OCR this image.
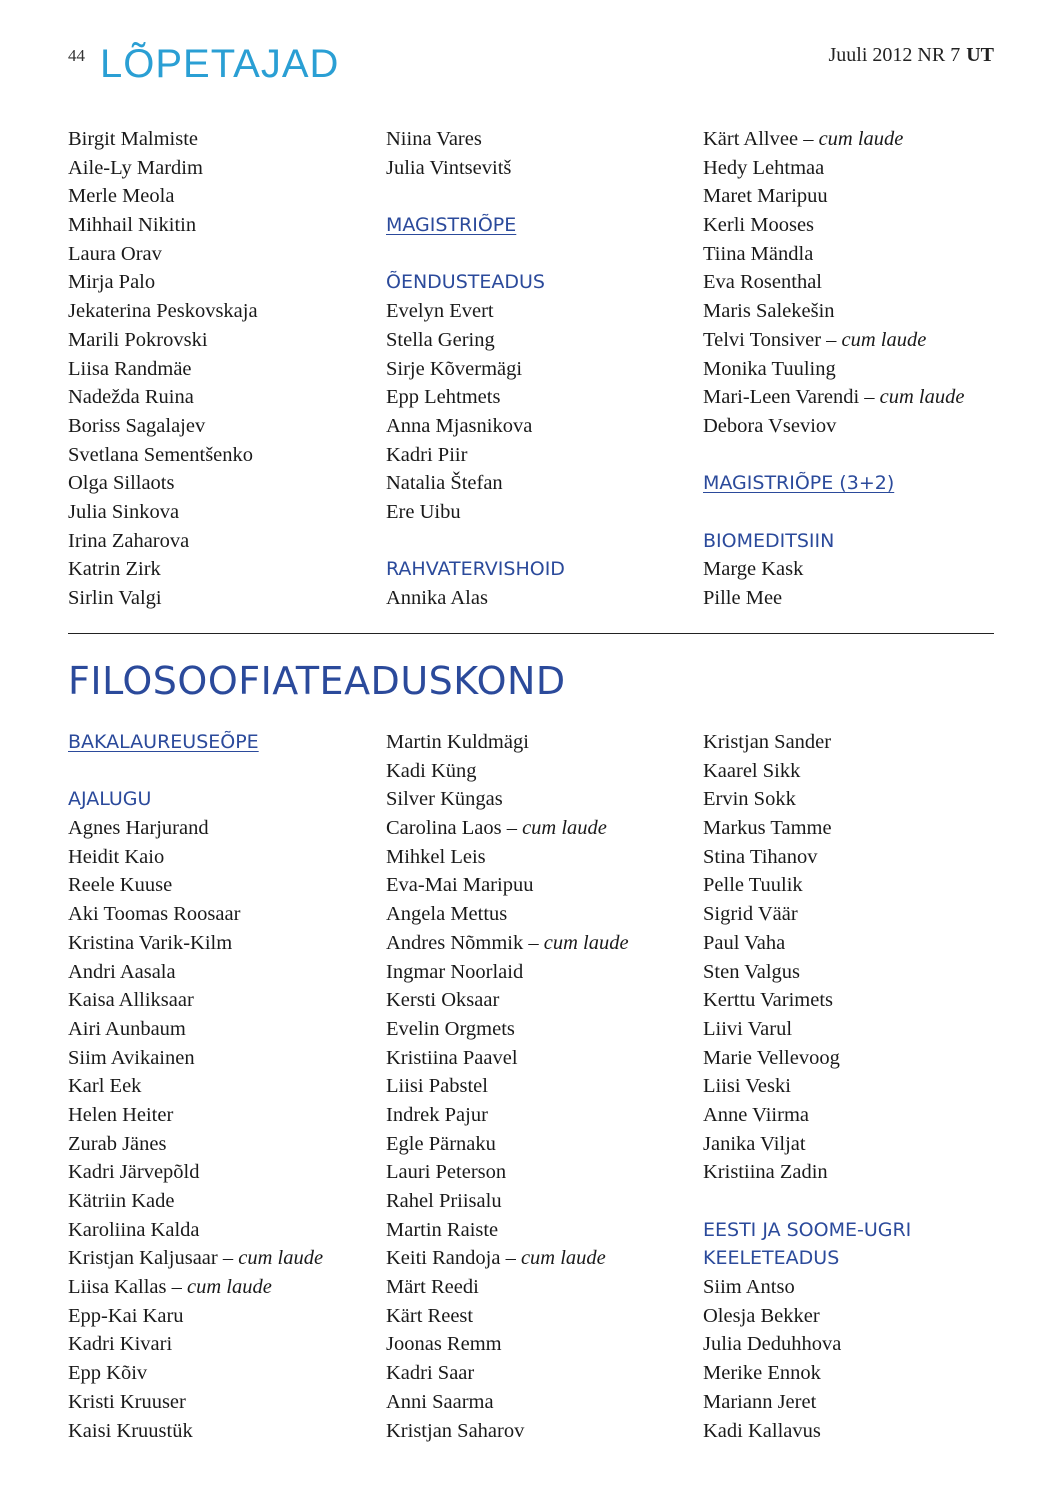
44 LÕPETAJAD	Juuli 2012 NR 7 UT
Birgit Malmiste
Aile-Ly Mardim
Merle Meola
Mihhail Nikitin
Laura Orav
Mirja Palo
Jekaterina Peskovskaja
Marili Pokrovski
Liisa Randmäe
Nadežda Ruina
Boriss Sagalajev
Svetlana Sementšenko
Olga Sillaots
Julia Sinkova
Irina Zaharova
Katrin Zirk
Sirlin Valgi
Niina Vares
Julia Vintsevitš
MAGISTRIÕPE
ÕENDUSTEADUS
Evelyn Evert
Stella Gering
Sirje Kõvermägi
Epp Lehtmets
Anna Mjasnikova
Kadri Piir
Natalia Štefan
Ere Uibu
RAHVATERVISHOID
Annika Alas
Kärt Allvee – cum laude
Hedy Lehtmaa
Maret Maripuu
Kerli Mooses
Tiina Mändla
Eva Rosenthal
Maris Salekešin
Telvi Tonsiver – cum laude
Monika Tuuling
Mari-Leen Varendi – cum laude
Debora Vseviov
MAGISTRIÕPE (3+2)
BIOMEDITSIIN
Marge Kask
Pille Mee
FILOSOOFIATEADUSKOND
BAKALAUREUSEÕPE
AJALUGU
Agnes Harjurand
Heidit Kaio
Reele Kuuse
Aki Toomas Roosaar
Kristina Varik-Kilm
Andri Aasala
Kaisa Alliksaar
Airi Aunbaum
Siim Avikainen
Karl Eek
Helen Heiter
Zurab Jänes
Kadri Järvepõld
Kätriin Kade
Karoliina Kalda
Kristjan Kaljusaar – cum laude
Liisa Kallas – cum laude
Epp-Kai Karu
Kadri Kivari
Epp Kõiv
Kristi Kruuser
Kaisi Kruustük
Martin Kuldmägi
Kadi Küng
Silver Küngas
Carolina Laos – cum laude
Mihkel Leis
Eva-Mai Maripuu
Angela Mettus
Andres Nõmmik – cum laude
Ingmar Noorlaid
Kersti Oksaar
Evelin Orgmets
Kristiina Paavel
Liisi Pabstel
Indrek Pajur
Egle Pärnaku
Lauri Peterson
Rahel Priisalu
Martin Raiste
Keiti Randoja – cum laude
Märt Reedi
Kärt Reest
Joonas Remm
Kadri Saar
Anni Saarma
Kristjan Saharov
Kristjan Sander
Kaarel Sikk
Ervin Sokk
Markus Tamme
Stina Tihanov
Pelle Tuulik
Sigrid Väär
Paul Vaha
Sten Valgus
Kerttu Varimets
Liivi Varul
Marie Vellevoog
Liisi Veski
Anne Viirma
Janika Viljat
Kristiina Zadin
EESTI JA SOOME-UGRI
KEELETEADUS
Siim Antso
Olesja Bekker
Julia Deduhhova
Merike Ennok
Mariann Jeret
Kadi Kallavus
